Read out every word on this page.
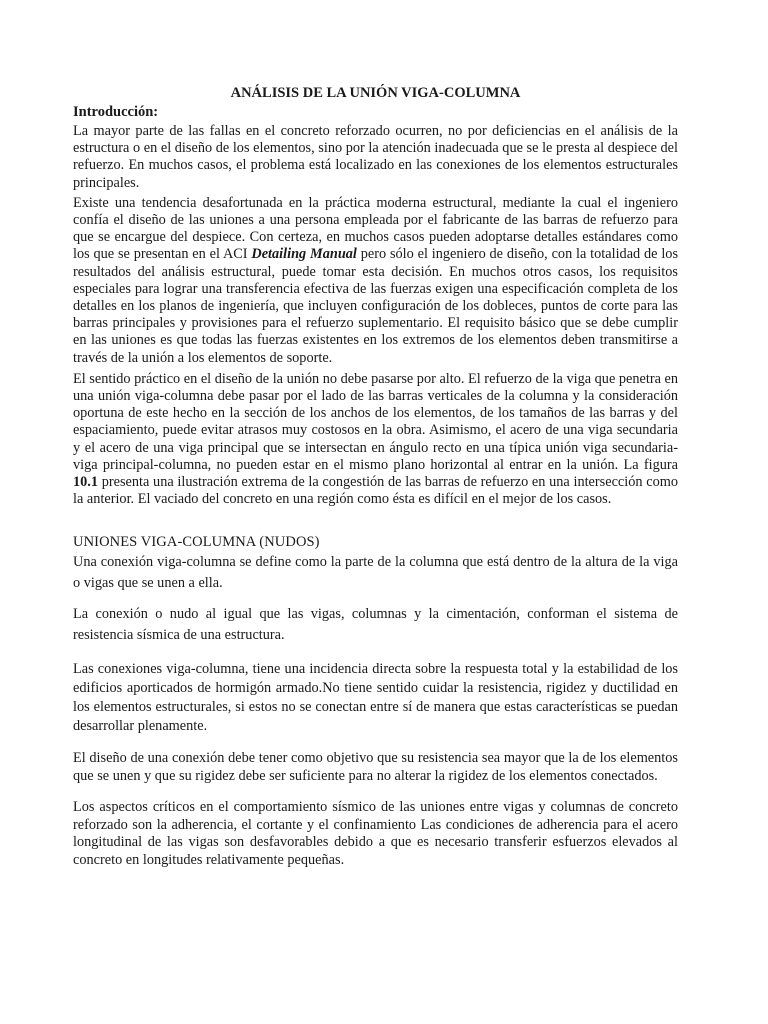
ANÁLISIS DE LA UNIÓN VIGA-COLUMNA
Introducción:

La mayor parte de las fallas en el concreto reforzado ocurren, no por deficiencias en el análisis de la estructura o en el diseño de los elementos, sino por la atención inadecuada que se le presta al despiece del refuerzo. En muchos casos, el problema está localizado en las conexiones de los elementos estructurales principales.

Existe una tendencia desafortunada en la práctica moderna estructural, mediante la cual el ingeniero confía el diseño de las uniones a una persona empleada por el fabricante de las barras de refuerzo para que se encargue del despiece. Con certeza, en muchos casos pueden adoptarse detalles estándares como los que se presentan en el ACI Detailing Manual pero sólo el ingeniero de diseño, con la totalidad de los resultados del análisis estructural, puede tomar esta decisión. En muchos otros casos, los requisitos especiales para lograr una transferencia efectiva de las fuerzas exigen una especificación completa de los detalles en los planos de ingeniería, que incluyen configuración de los dobleces, puntos de corte para las barras principales y provisiones para el refuerzo suplementario. El requisito básico que se debe cumplir en las uniones es que todas las fuerzas existentes en los extremos de los elementos deben transmitirse a través de la unión a los elementos de soporte.

El sentido práctico en el diseño de la unión no debe pasarse por alto. El refuerzo de la viga que penetra en una unión viga-columna debe pasar por el lado de las barras verticales de la columna y la consideración oportuna de este hecho en la sección de los anchos de los elementos, de los tamaños de las barras y del espaciamiento, puede evitar atrasos muy costosos en la obra. Asimismo, el acero de una viga secundaria y el acero de una viga principal que se intersectan en ángulo recto en una típica unión viga secundaria-viga principal-columna, no pueden estar en el mismo plano horizontal al entrar en la unión. La figura 10.1 presenta una ilustración extrema de la congestión de las barras de refuerzo en una intersección como la anterior. El vaciado del concreto en una región como ésta es difícil en el mejor de los casos.

UNIONES VIGA-COLUMNA (NUDOS)

Una conexión viga-columna se define como la parte de la columna que está dentro de la altura de la viga o vigas que se unen a ella.

La conexión o nudo al igual que las vigas, columnas y la cimentación, conforman el sistema de resistencia sísmica de una estructura.

Las conexiones viga-columna, tiene una incidencia directa sobre la respuesta total y la estabilidad de los edificios aporticados de hormigón armado.No tiene sentido cuidar la resistencia, rigidez y ductilidad en los elementos estructurales, si estos no se conectan entre sí de manera que estas características se puedan desarrollar plenamente.

El diseño de una conexión debe tener como objetivo que su resistencia sea mayor que la de los elementos que se unen y que su rigidez debe ser suficiente para no alterar la rigidez de los elementos conectados.

Los aspectos críticos en el comportamiento sísmico de las uniones entre vigas y columnas de concreto reforzado son la adherencia, el cortante y el confinamiento Las condiciones de adherencia para el acero longitudinal de las vigas son desfavorables debido a que es necesario transferir esfuerzos elevados al concreto en longitudes relativamente pequeñas.
